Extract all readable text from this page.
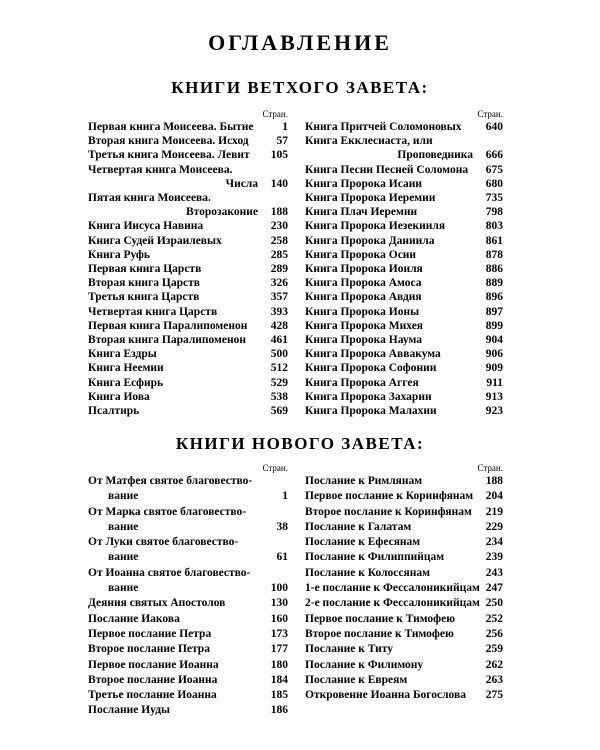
ОГЛАВЛЕНИЕ
КНИГИ ВЕТХОГО ЗАВЕТА:
Стран.
Первая книга Моисеева. Бытие	1
Вторая книга Моисеева. Исход	57
Третья книга Моисеева. Левит	105
Четвертая книга Моисеева.
Числа	140
Пятая книга Моисеева.
Второзаконие	188
Книга Иисуса Навина	230
Книга Судей Израилевых	258
Книга Руфь	285
Первая книга Царств	289
Вторая книга Царств	326
Третья книга Царств	357
Четвертая книга Царств	393
Первая книга Паралипоменон	428
Вторая книга Паралипоменон	461
Книга Ездры	500
Книга Неемии	512
Книга Есфирь	529
Книга Иова	538
Псалтирь	569
Стран.
Книга Притчей Соломоновых	640
Книга Екклесиаста, или
Проповедника	666
Книга Песни Песней Соломона	675
Книга Пророка Исаии	680
Книга Пророка Иеремии	735
Книга Плач Иеремии	798
Книга Пророка Иезекииля	803
Книга Пророка Даниила	861
Книга Пророка Осии	878
Книга Пророка Иоиля	886
Книга Пророка Амоса	889
Книга Пророка Авдия	896
Книга Пророка Ионы	897
Книга Пророка Михея	899
Книга Пророка Наума	904
Книга Пророка Аввакума	906
Книга Пророка Софонии	909
Книга Пророка Аггея	911
Книга Пророка Захарии	913
Книга Пророка Малахии	923
КНИГИ НОВОГО ЗАВЕТА:
Стран.
От Матфея святое благовество-
вание	1
От Марка святое благовество-
вание	38
От Луки святое благовество-
вание	61
От Иоанна святое благовество-
вание	100
Деяния святых Апостолов	130
Послание Иакова	160
Первое послание Петра	173
Второе послание Петра	177
Первое послание Иоанна	180
Второе послание Иоанна	184
Третье послание Иоанна	185
Послание Иуды	186
Стран.
Послание к Римлянам	188
Первое послание к Коринфянам	204
Второе послание к Коринфянам	219
Послание к Галатам	229
Послание к Ефесянам	234
Послание к Филиппийцам	239
Послание к Колоссянам	243
1-е послание к Фессалоникийцам 247
2-е послание к Фессалоникийцам 250
Первое послание к Тимофею	252
Второе послание к Тимофею	256
Послание к Титу	259
Послание к Филимону	262
Послание к Евреям	263
Откровение Иоанна Богослова	275
